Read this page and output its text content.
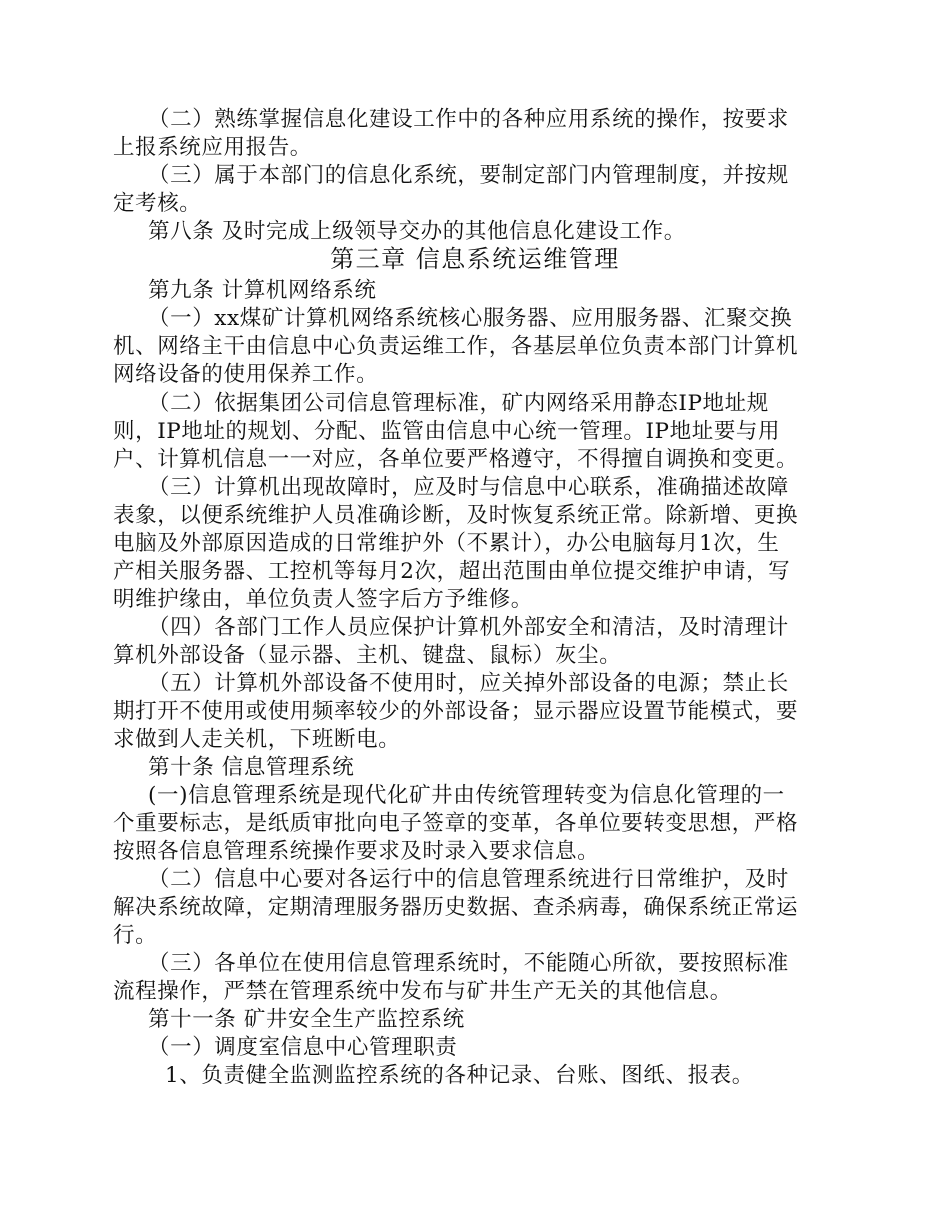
（二）熟练掌握信息化建设工作中的各种应用系统的操作，按要求
上报系统应用报告。
（三）属于本部门的信息化系统，要制定部门内管理制度，并按规
定考核。
第八条 及时完成上级领导交办的其他信息化建设工作。
第三章 信息系统运维管理
第九条 计算机网络系统
（一）xx煤矿计算机网络系统核心服务器、应用服务器、汇聚交换
机、网络主干由信息中心负责运维工作，各基层单位负责本部门计算机
网络设备的使用保养工作。
（二）依据集团公司信息管理标准，矿内网络采用静态IP地址规
则，IP地址的规划、分配、监管由信息中心统一管理。IP地址要与用
户、计算机信息一一对应，各单位要严格遵守，不得擅自调换和变更。
（三）计算机出现故障时，应及时与信息中心联系，准确描述故障
表象，以便系统维护人员准确诊断，及时恢复系统正常。除新增、更换
电脑及外部原因造成的日常维护外（不累计），办公电脑每月1次，生
产相关服务器、工控机等每月2次，超出范围由单位提交维护申请，写
明维护缘由，单位负责人签字后方予维修。
（四）各部门工作人员应保护计算机外部安全和清洁，及时清理计
算机外部设备（显示器、主机、键盘、鼠标）灰尘。
（五）计算机外部设备不使用时，应关掉外部设备的电源；禁止长
期打开不使用或使用频率较少的外部设备；显示器应设置节能模式，要
求做到人走关机，下班断电。
第十条 信息管理系统
(一)信息管理系统是现代化矿井由传统管理转变为信息化管理的一
个重要标志，是纸质审批向电子签章的变革，各单位要转变思想，严格
按照各信息管理系统操作要求及时录入要求信息。
（二）信息中心要对各运行中的信息管理系统进行日常维护，及时
解决系统故障，定期清理服务器历史数据、查杀病毒，确保系统正常运
行。
（三）各单位在使用信息管理系统时，不能随心所欲，要按照标准
流程操作，严禁在管理系统中发布与矿井生产无关的其他信息。
第十一条 矿井安全生产监控系统
（一）调度室信息中心管理职责
1、负责健全监测监控系统的各种记录、台账、图纸、报表。
